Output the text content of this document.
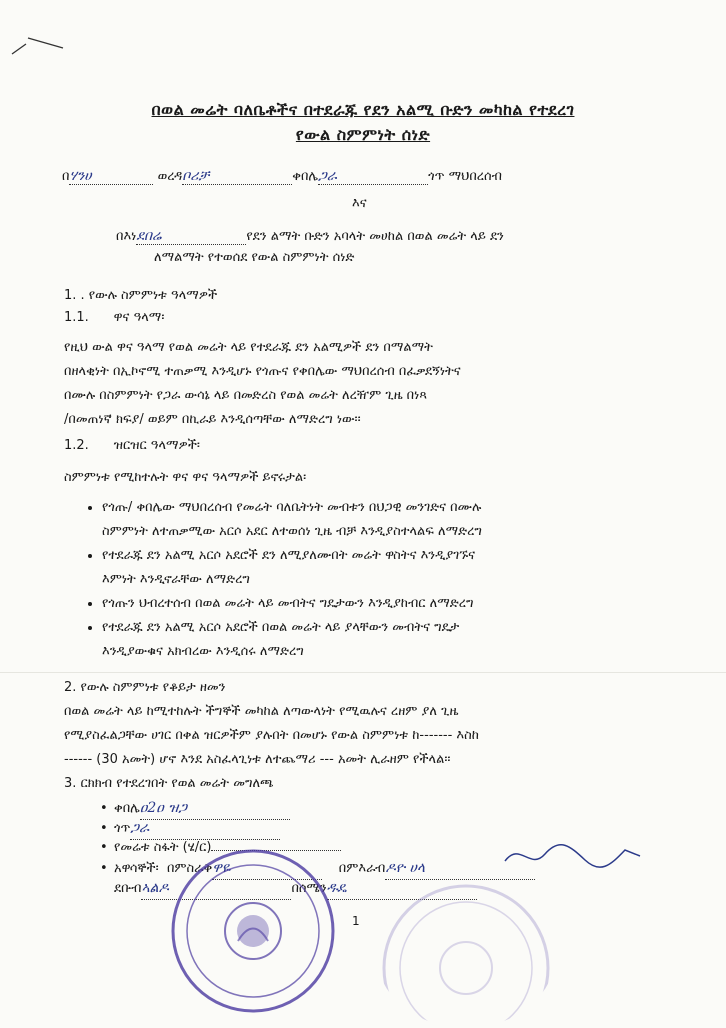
በወል መሬት ባለቤቶችና በተደራጁ የደን አልሚ ቡድን መካከል የተደረገ
የውል ስምምነት ሰነድ
በሃንሀ	ወረዳቦሪቻ	ቀበሌጋራ	ጎጥ ማህበረሰብ
እና
በእነደበሬ	የደን ልማት ቡድን አባላት መሀከል በወል መሬት ላይ ደን
ለማልማት የተወሰደ የውል ስምምነት ሰነድ
1. . የውሉ ስምምነቱ ዓላማዎች
1.1. ዋና ዓላማ፡
የዚህ ውል ዋና ዓላማ የወል መሬት ላይ የተደራጁ ደን አልሚዎች ደን በማልማት
በዘላቂነት በኢኮኖሚ ተጠቃሚ እንዲሆኑ የጎጡና የቀበሌው ማህበረሰብ በፈቃደኝነትና
በሙሉ በስምምነት የጋራ ውሳኔ ላይ በመድረስ የወል መሬት ለረዥም ጊዜ በነጻ
/በመጠነኛ ክፍያ/ ወይም በኪራይ እንዲሰጣቸው ለማድረግ ነው፡፡
1.2. ዝርዝር ዓላማዎች፡
ስምምነቱ የሚከተሉት ዋና ዋና ዓላማዎች ይኖሩታል፡
• የጎጡ/ ቀበሌው ማህበረሰብ የመሬት ባለቤትነት መብቱን በህጋዊ መንገድና በሙሉ
ስምምነት ለተጠቃሚው አርሶ አደር ለተወሰነ ጊዜ ብቻ እንዲያስተላልፍ ለማድረግ
• የተደራጁ ደን አልሚ አርሶ አደሮች ደን ለሚያለሙበት መሬት ዋስትና እንዲያገኙና
እምነት እንዲኖራቸው ለማድረግ
• የጎጡን ህብረተሰብ በወል መሬት ላይ መብትና ግዴታውን እንዲያከብር ለማድረግ
• የተደራጁ ደን አልሚ አርሶ አደሮች በወል መሬት ላይ ያላቸውን መብትና ግዴታ
እንዲያውቁና አክብረው እንዲሰሩ ለማድረግ
2. የውሉ ስምምነቱ የቆይታ ዘመን
በወል መሬት ላይ ከሚተከሉት ችግኞች መካከል ለጣውላነት የሚዉሉና ረዘም ያለ ጊዜ
የሚያስፈልጋቸው ሀገር በቀል ዝርዎችም ያሉበት በመሆኑ የውል ስምምነቱ ከ------- እስከ
------ (30 አመት) ሆኖ እንደ አስፈላጊነቱ ለተጨማሪ --- አመት ሊራዘም የችላል፡፡
3. ርክክብ የተደረገበት የወል መሬት መግለጫ
• ቀበሌዐ2ዐ ዝጋ
• ጎጥጋራ
• የመሬቱ ስፋት (ሄ/ር)
• አዋሳኞች፡ በምስራቅዋዬ	በምእራብዶዮ ሀላ
ደቡብኣልዶ	በሰሜንዱዴ
1
